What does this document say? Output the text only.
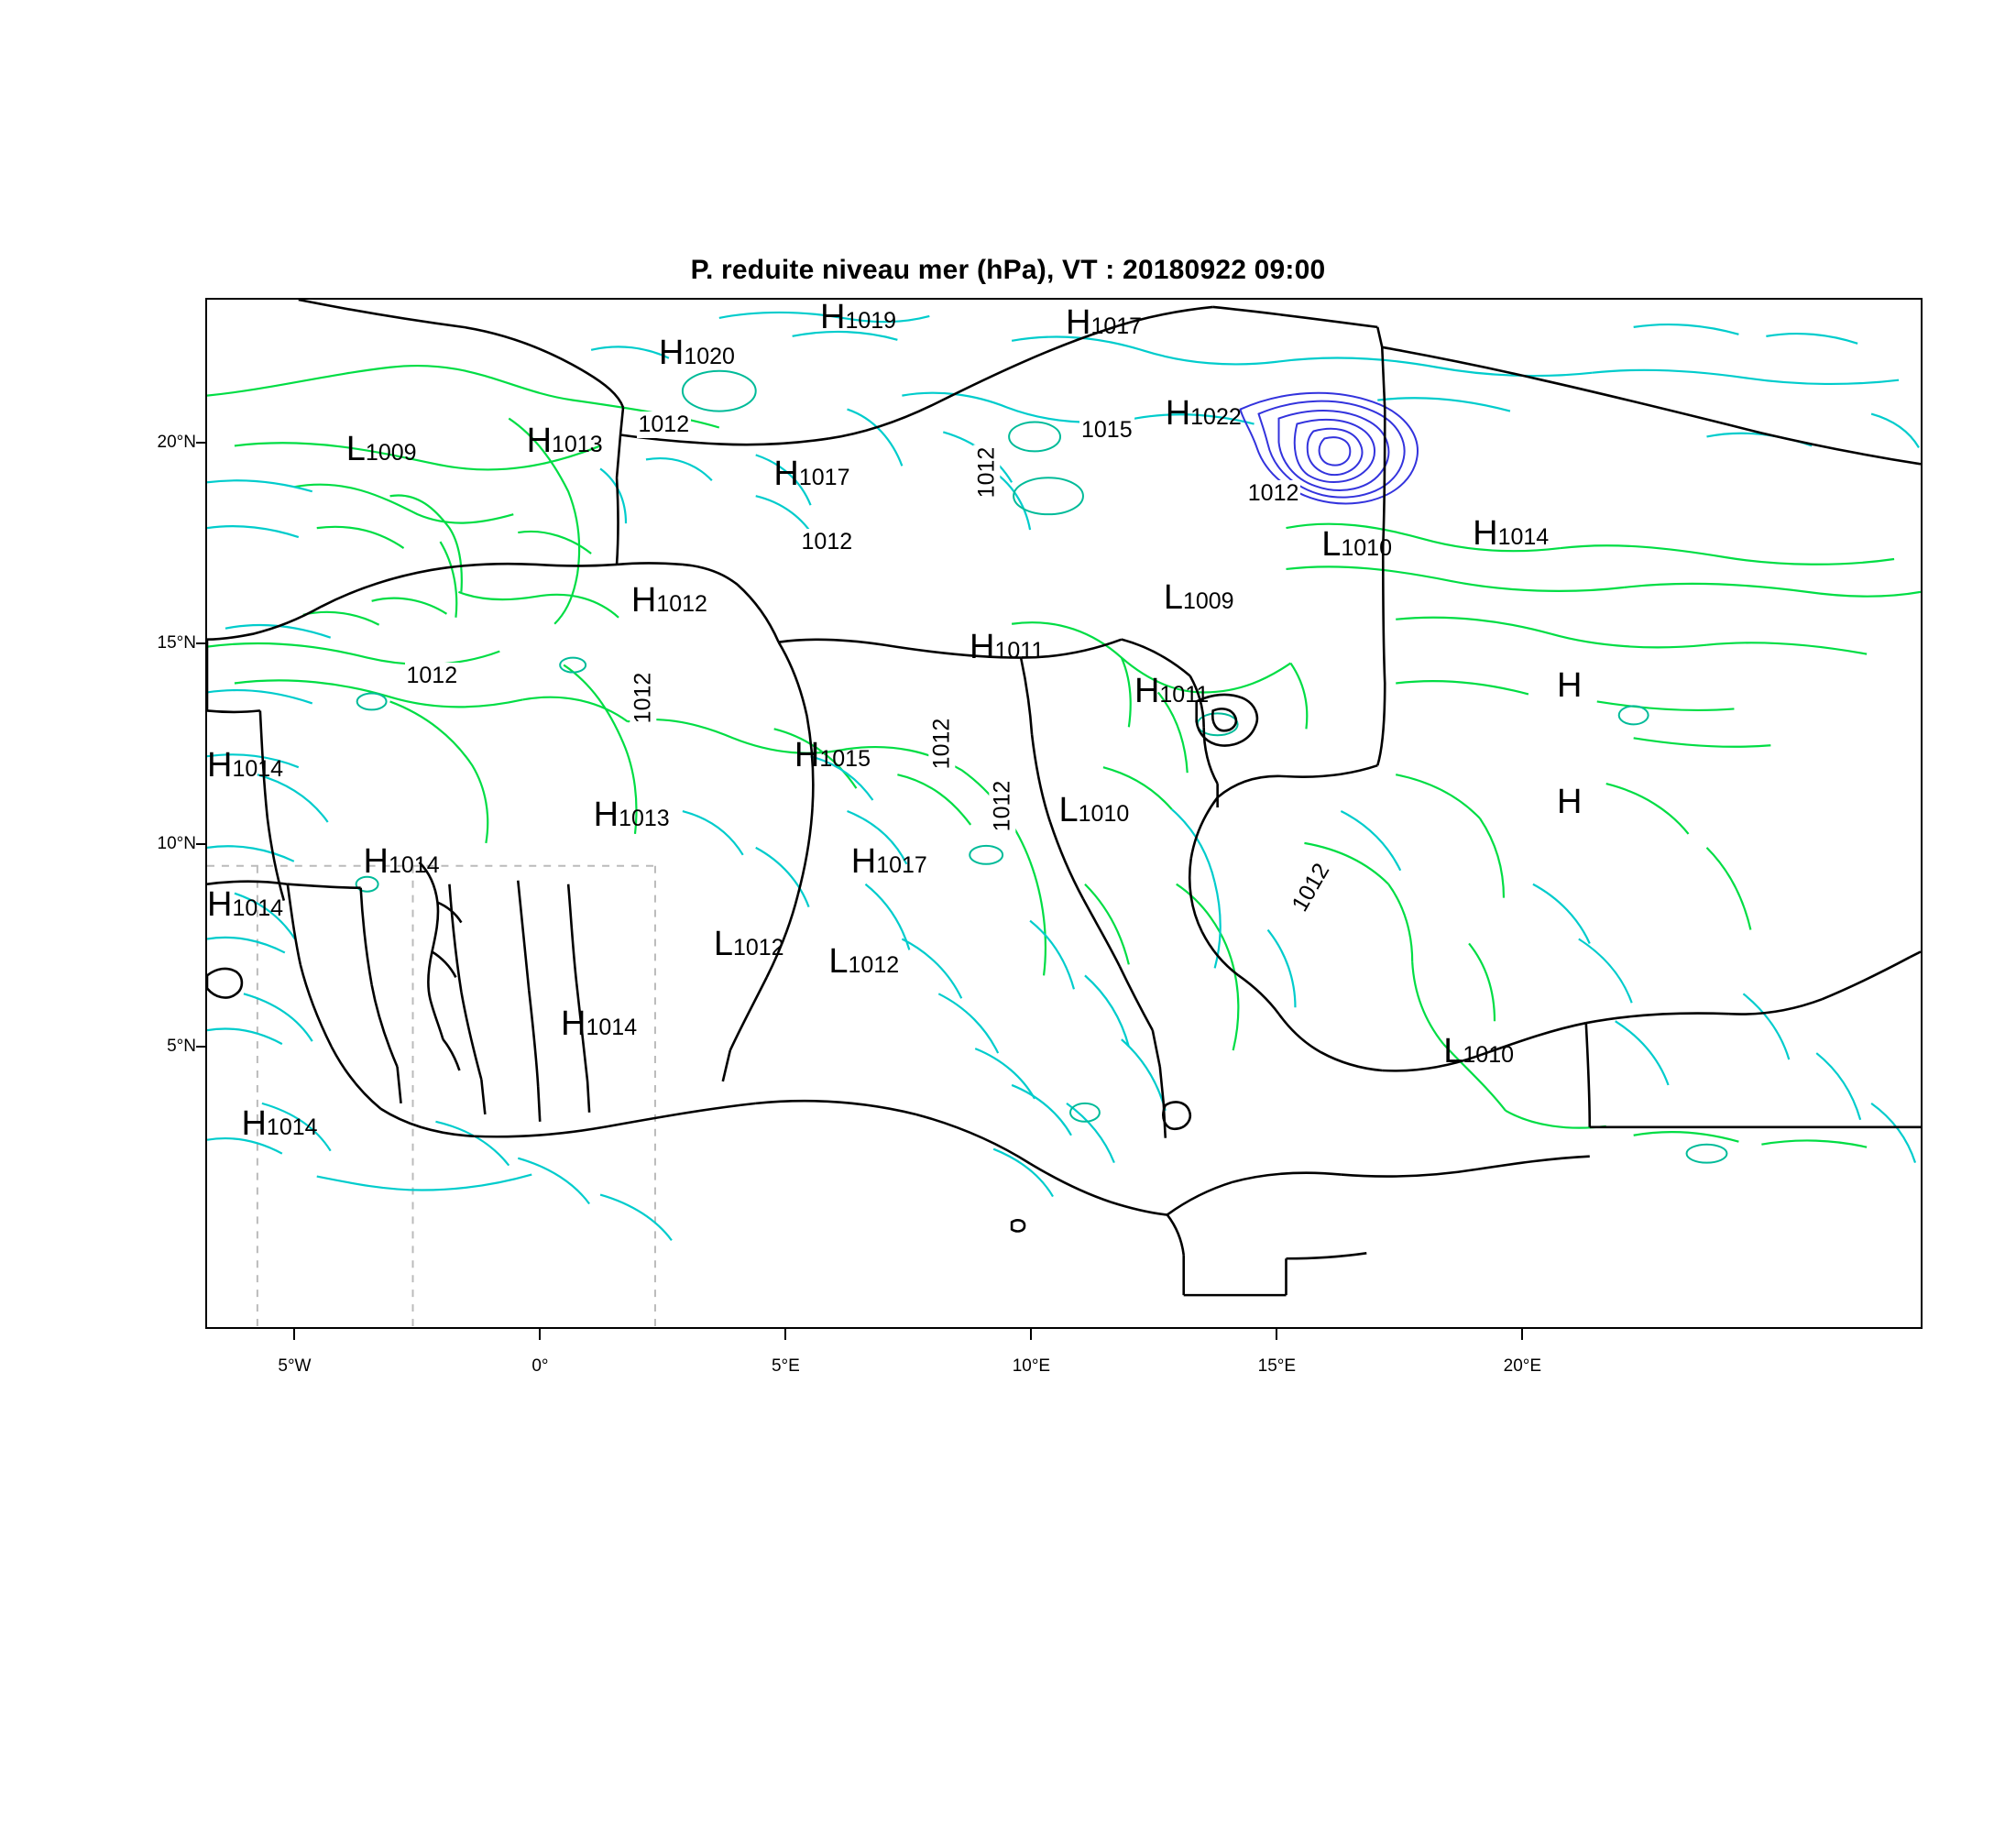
P. reduite niveau mer (hPa), VT : 20180922 09:00
H1019	H1017
H1020
H1022
L1009	H1013
H1017
L1010 H1014
L1009
H1012
H1011
H1011	H
H1014	H1015
L1010	H
H1013
H1014	H1017
H1014
L1012 L1012
H1014
L1010
H1014
1012	1015
1012	1012
1012
1012	1012
1012
1012
1012
20°N
15°N
10°N
5°N
5°W	0°	5°E	10°E	15°E	20°E
